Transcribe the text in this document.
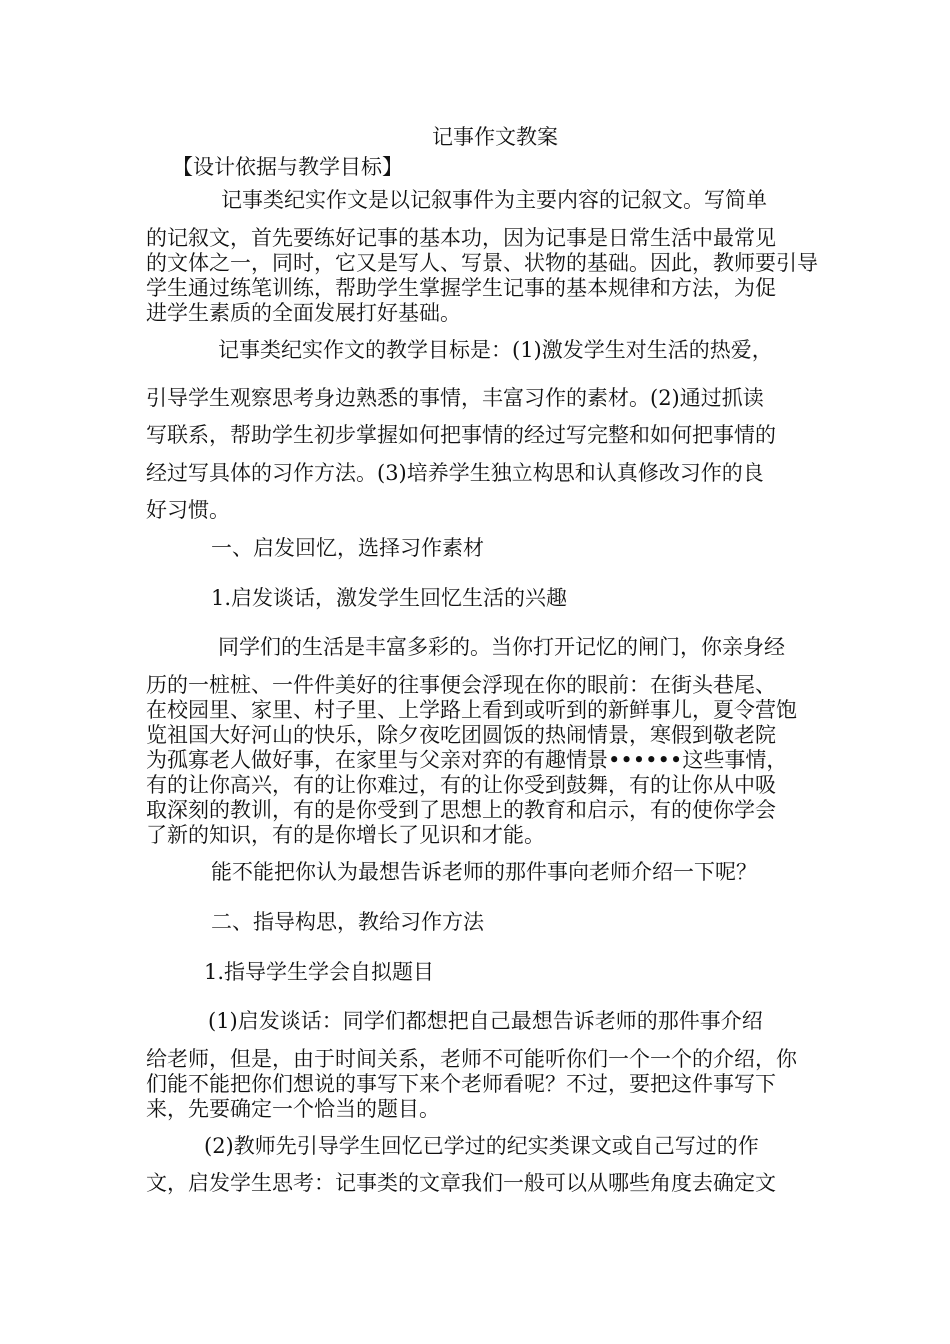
记事作文教案

【设计依据与教学目标】

记事类纪实作文是以记叙事件为主要内容的记叙文。写简单

的记叙文，首先要练好记事的基本功，因为记事是日常生活中最常见

的文体之一，同时，它又是写人、写景、状物的基础。因此，教师要引导

学生通过练笔训练，帮助学生掌握学生记事的基本规律和方法，为促

进学生素质的全面发展打好基础。

记事类纪实作文的教学目标是：(1)激发学生对生活的热爱，

引导学生观察思考身边熟悉的事情，丰富习作的素材。(2)通过抓读

写联系，帮助学生初步掌握如何把事情的经过写完整和如何把事情的

经过写具体的习作方法。(3)培养学生独立构思和认真修改习作的良

好习惯。

一、启发回忆，选择习作素材

1.启发谈话，激发学生回忆生活的兴趣

同学们的生活是丰富多彩的。当你打开记忆的闸门，你亲身经

历的一桩桩、一件件美好的往事便会浮现在你的眼前：在街头巷尾、

在校园里、家里、村子里、上学路上看到或听到的新鲜事儿，夏令营饱

览祖国大好河山的快乐，除夕夜吃团圆饭的热闹情景，寒假到敬老院

为孤寡老人做好事，在家里与父亲对弈的有趣情景••••••这些事情，

有的让你高兴，有的让你难过，有的让你受到鼓舞，有的让你从中吸

取深刻的教训，有的是你受到了思想上的教育和启示，有的使你学会

了新的知识，有的是你增长了见识和才能。

能不能把你认为最想告诉老师的那件事向老师介绍一下呢？

二、指导构思，教给习作方法

1.指导学生学会自拟题目

(1)启发谈话：同学们都想把自己最想告诉老师的那件事介绍

给老师，但是，由于时间关系，老师不可能听你们一个一个的介绍，你

们能不能把你们想说的事写下来个老师看呢？不过，要把这件事写下

来，先要确定一个恰当的题目。

(2)教师先引导学生回忆已学过的纪实类课文或自己写过的作

文，启发学生思考：记事类的文章我们一般可以从哪些角度去确定文
